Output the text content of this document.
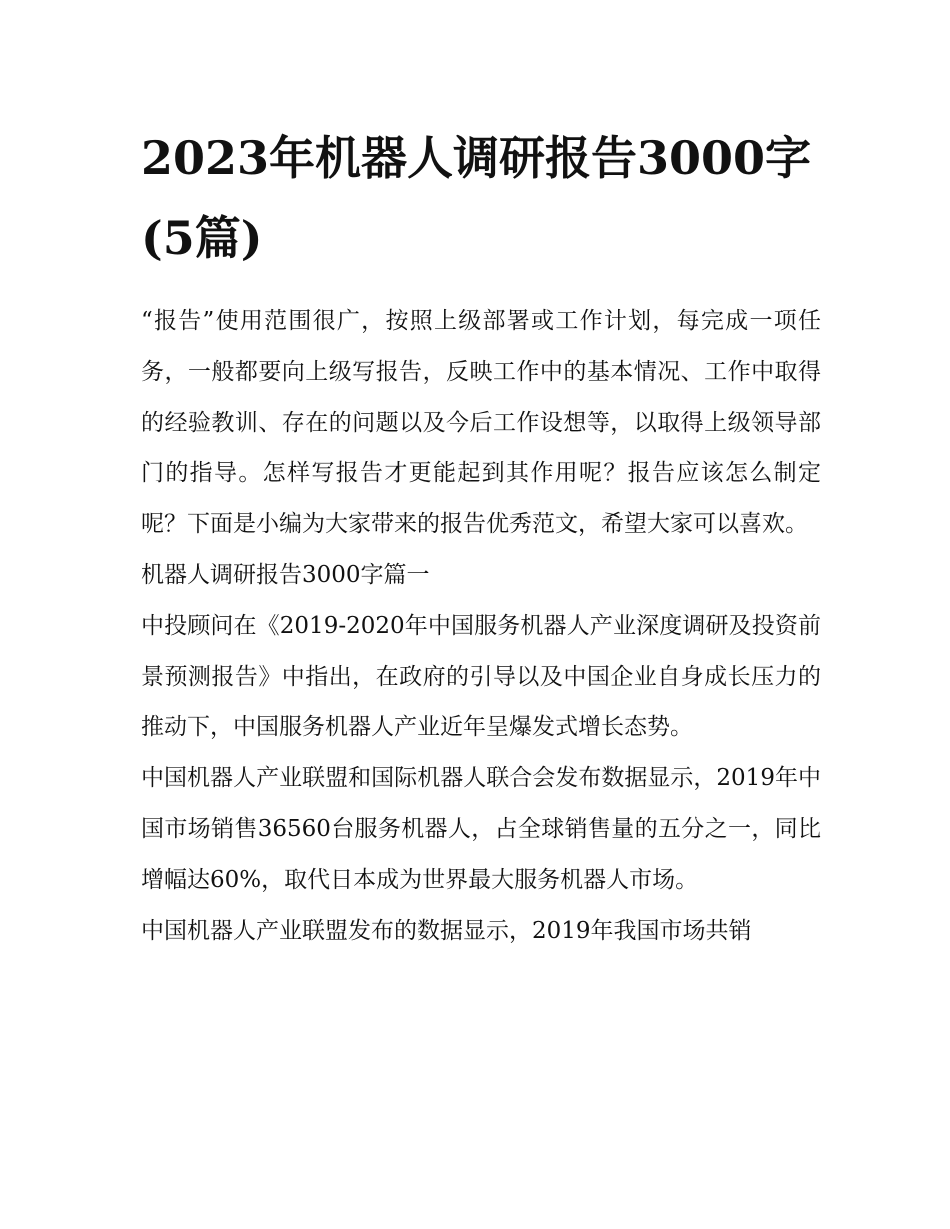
2023年机器人调研报告3000字(5篇)

“报告”使用范围很广，按照上级部署或工作计划，每完成一项任务，一般都要向上级写报告，反映工作中的基本情况、工作中取得的经验教训、存在的问题以及今后工作设想等，以取得上级领导部门的指导。怎样写报告才更能起到其作用呢？报告应该怎么制定呢？下面是小编为大家带来的报告优秀范文，希望大家可以喜欢。

机器人调研报告3000字篇一

中投顾问在《2019-2020年中国服务机器人产业深度调研及投资前景预测报告》中指出，在政府的引导以及中国企业自身成长压力的推动下，中国服务机器人产业近年呈爆发式增长态势。

中国机器人产业联盟和国际机器人联合会发布数据显示，2019年中国市场销售36560台服务机器人，占全球销售量的五分之一，同比增幅达60%，取代日本成为世界最大服务机器人市场。

中国机器人产业联盟发布的数据显示，2019年我国市场共销
